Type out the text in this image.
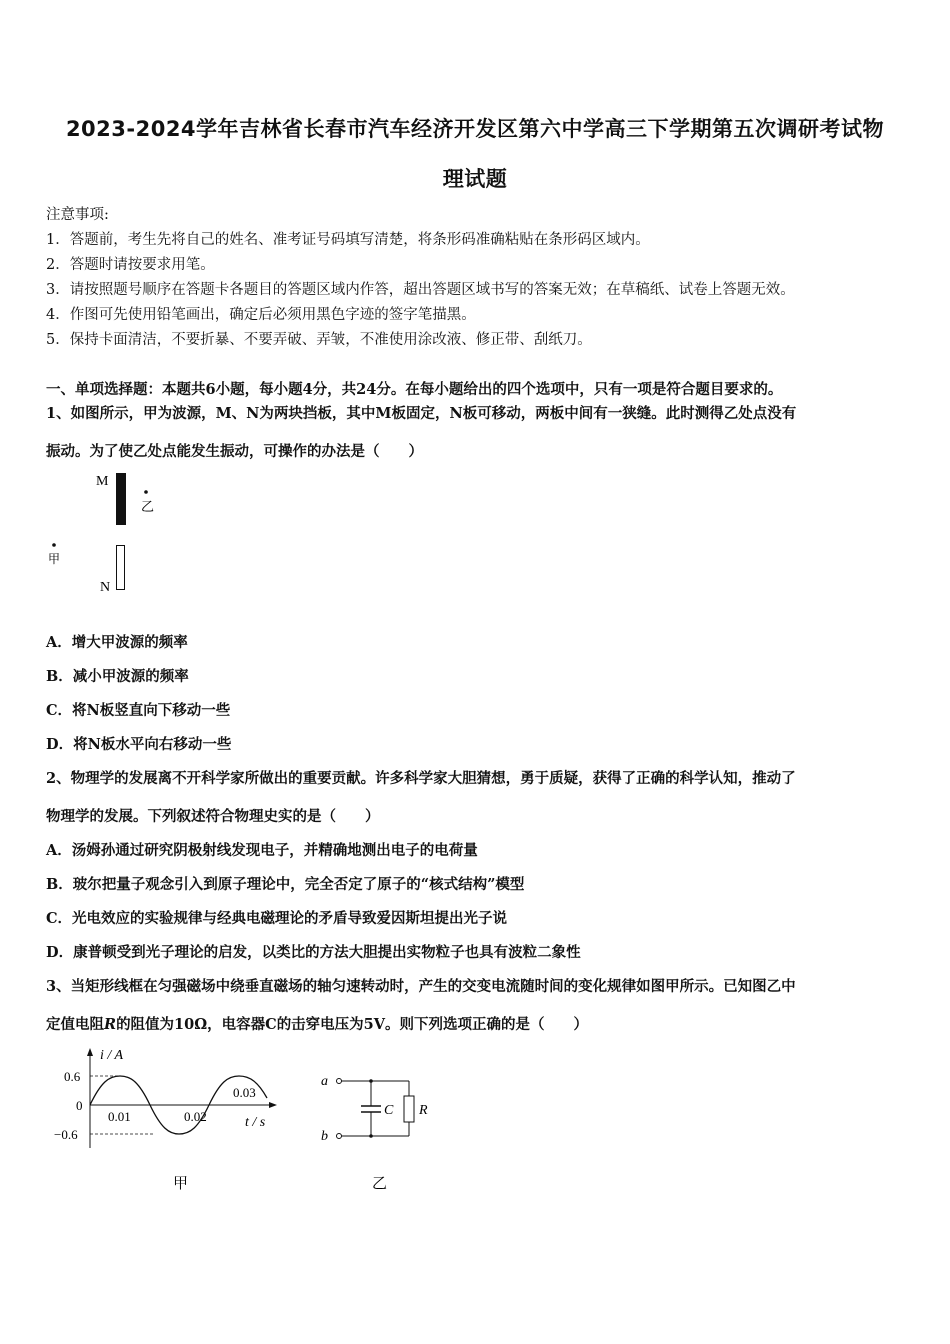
2023-2024学年吉林省长春市汽车经济开发区第六中学高三下学期第五次调研考试物
理试题
注意事项:
1．答题前，考生先将自己的姓名、准考证号码填写清楚，将条形码准确粘贴在条形码区域内。
2．答题时请按要求用笔。
3．请按照题号顺序在答题卡各题目的答题区域内作答，超出答题区域书写的答案无效；在草稿纸、试卷上答题无效。
4．作图可先使用铅笔画出，确定后必须用黑色字迹的签字笔描黑。
5．保持卡面清洁，不要折暴、不要弄破、弄皱，不准使用涂改液、修正带、刮纸刀。
一、单项选择题：本题共6小题，每小题4分，共24分。在每小题给出的四个选项中，只有一项是符合题目要求的。
1、如图所示，甲为波源，M、N为两块挡板，其中M板固定，N板可移动，两板中间有一狭缝。此时测得乙处点没有
振动。为了使乙处点能发生振动，可操作的办法是（　　）
M
乙
甲
N
A．增大甲波源的频率
B．减小甲波源的频率
C．将N板竖直向下移动一些
D．将N板水平向右移动一些
2、物理学的发展离不开科学家所做出的重要贡献。许多科学家大胆猜想，勇于质疑，获得了正确的科学认知，推动了
物理学的发展。下列叙述符合物理史实的是（　　）
A．汤姆孙通过研究阴极射线发现电子，并精确地测出电子的电荷量
B．玻尔把量子观念引入到原子理论中，完全否定了原子的“核式结构”模型
C．光电效应的实验规律与经典电磁理论的矛盾导致爱因斯坦提出光子说
D．康普顿受到光子理论的启发，以类比的方法大胆提出实物粒子也具有波粒二象性
3、当矩形线框在匀强磁场中绕垂直磁场的轴匀速转动时，产生的交变电流随时间的变化规律如图甲所示。已知图乙中
定值电阻R的阻值为10Ω，电容器C的击穿电压为5V。则下列选项正确的是（　　）
i / A
0.6
0
−0.6
0.01	0.02
0.03
t / s
甲
a
b
C R
乙
